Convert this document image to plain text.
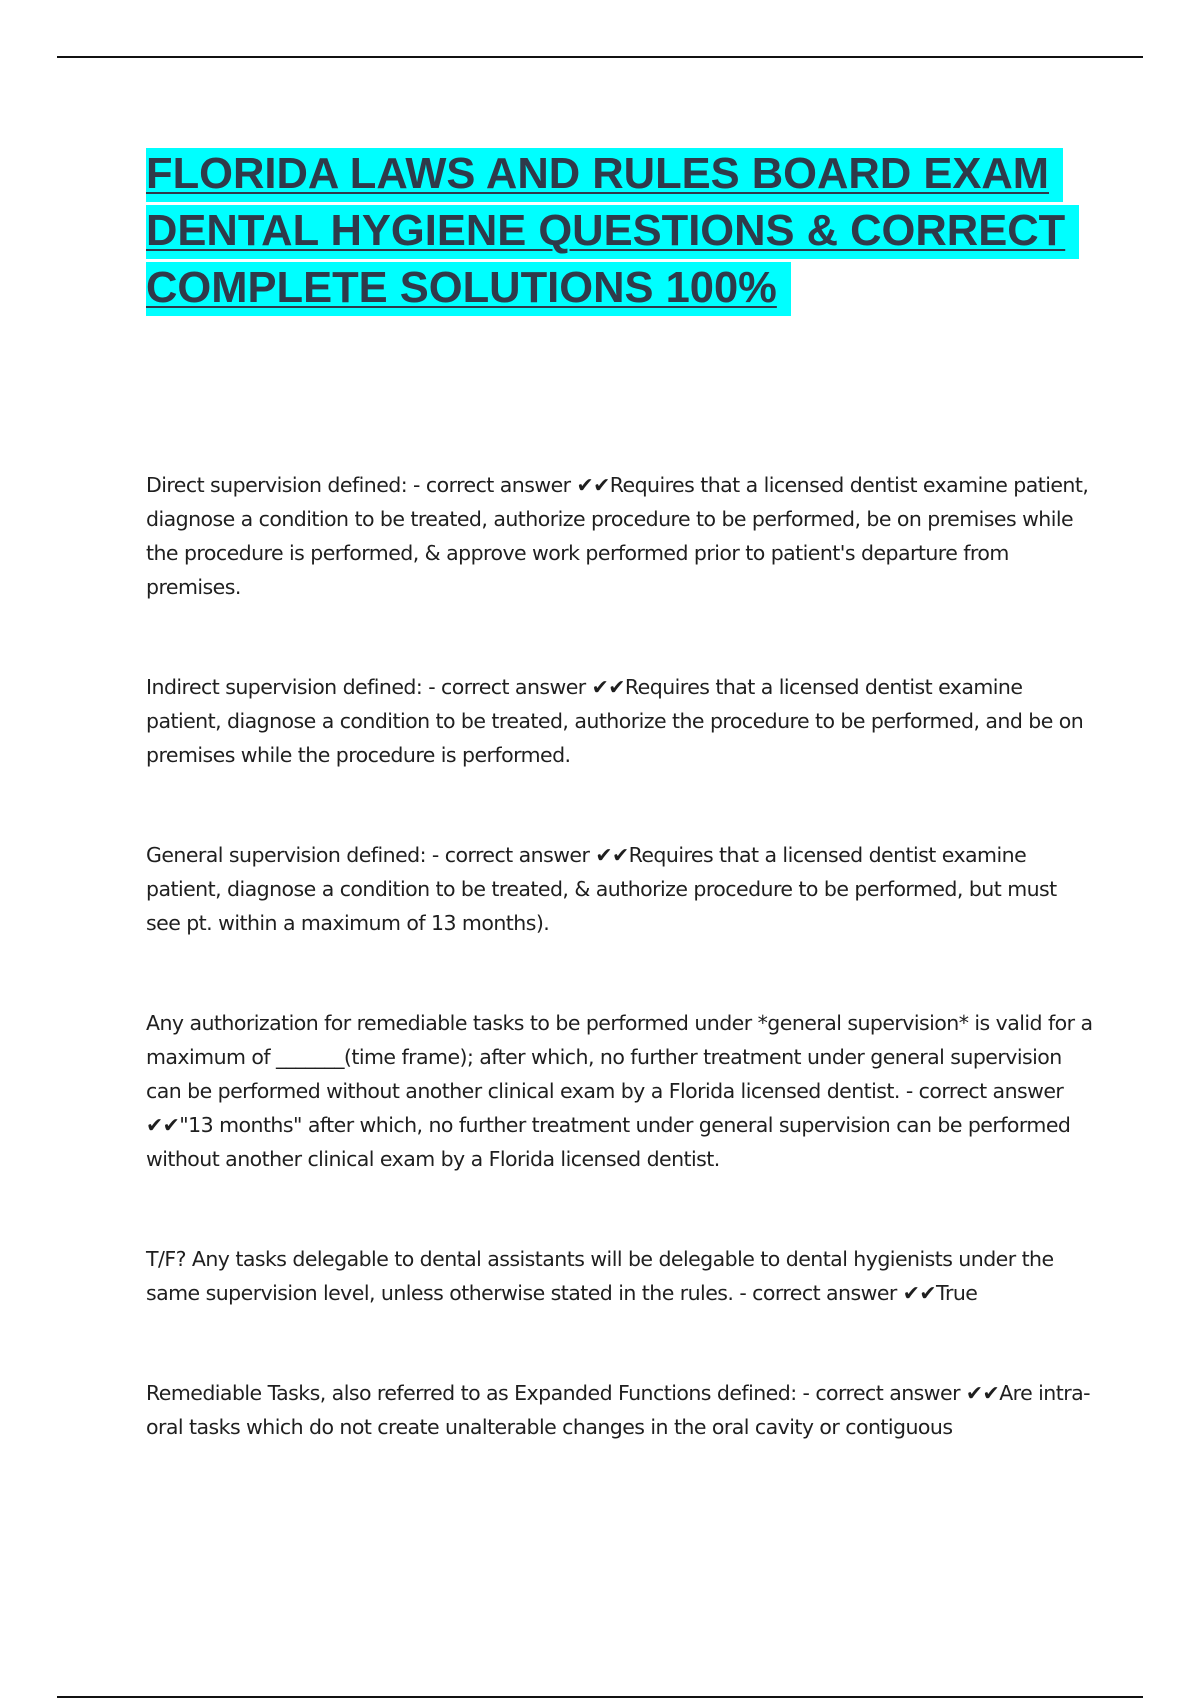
FLORIDA LAWS AND RULES BOARD EXAM DENTAL HYGIENE QUESTIONS & CORRECT COMPLETE SOLUTIONS 100%

Direct supervision defined: - correct answer ✔✔Requires that a licensed dentist examine patient, diagnose a condition to be treated, authorize procedure to be performed, be on premises while the procedure is performed, & approve work performed prior to patient's departure from premises.

Indirect supervision defined: - correct answer ✔✔Requires that a licensed dentist examine patient, diagnose a condition to be treated, authorize the procedure to be performed, and be on premises while the procedure is performed.

General supervision defined: - correct answer ✔✔Requires that a licensed dentist examine patient, diagnose a condition to be treated, & authorize procedure to be performed, but must see pt. within a maximum of 13 months).

Any authorization for remediable tasks to be performed under *general supervision* is valid for a maximum of _______(time frame); after which, no further treatment under general supervision can be performed without another clinical exam by a Florida licensed dentist. - correct answer ✔✔"13 months" after which, no further treatment under general supervision can be performed without another clinical exam by a Florida licensed dentist.

T/F? Any tasks delegable to dental assistants will be delegable to dental hygienists under the same supervision level, unless otherwise stated in the rules. - correct answer ✔✔True

Remediable Tasks, also referred to as Expanded Functions defined: - correct answer ✔✔Are intra-oral tasks which do not create unalterable changes in the oral cavity or contiguous
